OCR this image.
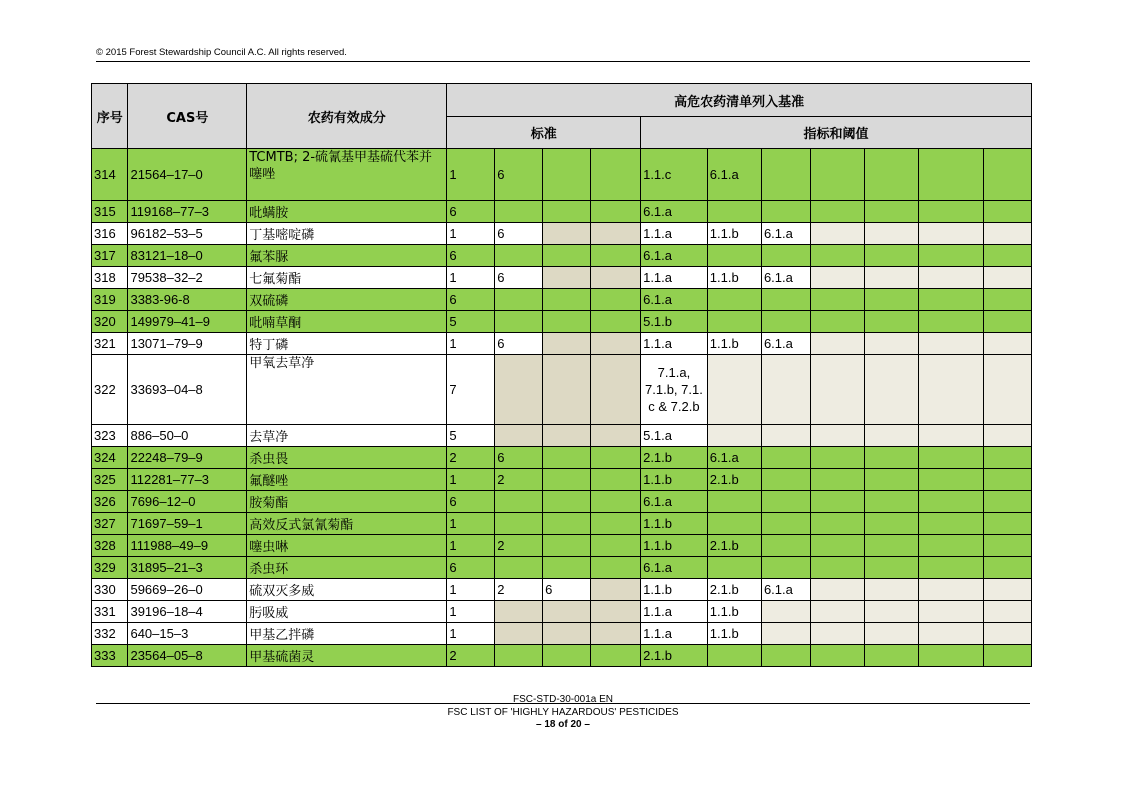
© 2015 Forest Stewardship Council A.C. All rights reserved.
序号	CAS号	农药有效成分	高危农药清单列入基准										
			标准				指标和阈值						
314	21564–17–0	TCMTB; 2-硫氰基甲基硫代苯并噻唑	1	6			1.1.c	6.1.a					
315	119168–77–3	吡螨胺	6				6.1.a						
316	96182–53–5	丁基嘧啶磷	1	6			1.1.a	1.1.b	6.1.a				
317	83121–18–0	氟苯脲	6				6.1.a						
318	79538–32–2	七氟菊酯	1	6			1.1.a	1.1.b	6.1.a				
319	3383-96-8	双硫磷	6				6.1.a						
320	149979–41–9	吡喃草酮	5				5.1.b						
321	13071–79–9	特丁磷	1	6			1.1.a	1.1.b	6.1.a				
322	33693–04–8	甲氧去草净	7				7.1.a, 7.1.b, 7.1. c & 7.2.b						
323	886–50–0	去草净	5				5.1.a						
324	22248–79–9	杀虫畏	2	6			2.1.b	6.1.a					
325	112281–77–3	氟醚唑	1	2			1.1.b	2.1.b					
326	7696–12–0	胺菊酯	6				6.1.a						
327	71697–59–1	高效反式氯氰菊酯	1				1.1.b						
328	111988–49–9	噻虫啉	1	2			1.1.b	2.1.b					
329	31895–21–3	杀虫环	6				6.1.a						
330	59669–26–0	硫双灭多威	1	2	6		1.1.b	2.1.b	6.1.a				
331	39196–18–4	肟吸威	1				1.1.a	1.1.b					
332	640–15–3	甲基乙拌磷	1				1.1.a	1.1.b					
333	23564–05–8	甲基硫菌灵	2				2.1.b						
FSC-STD-30-001a EN
FSC LIST OF 'HIGHLY HAZARDOUS' PESTICIDES
– 18 of 20 –
